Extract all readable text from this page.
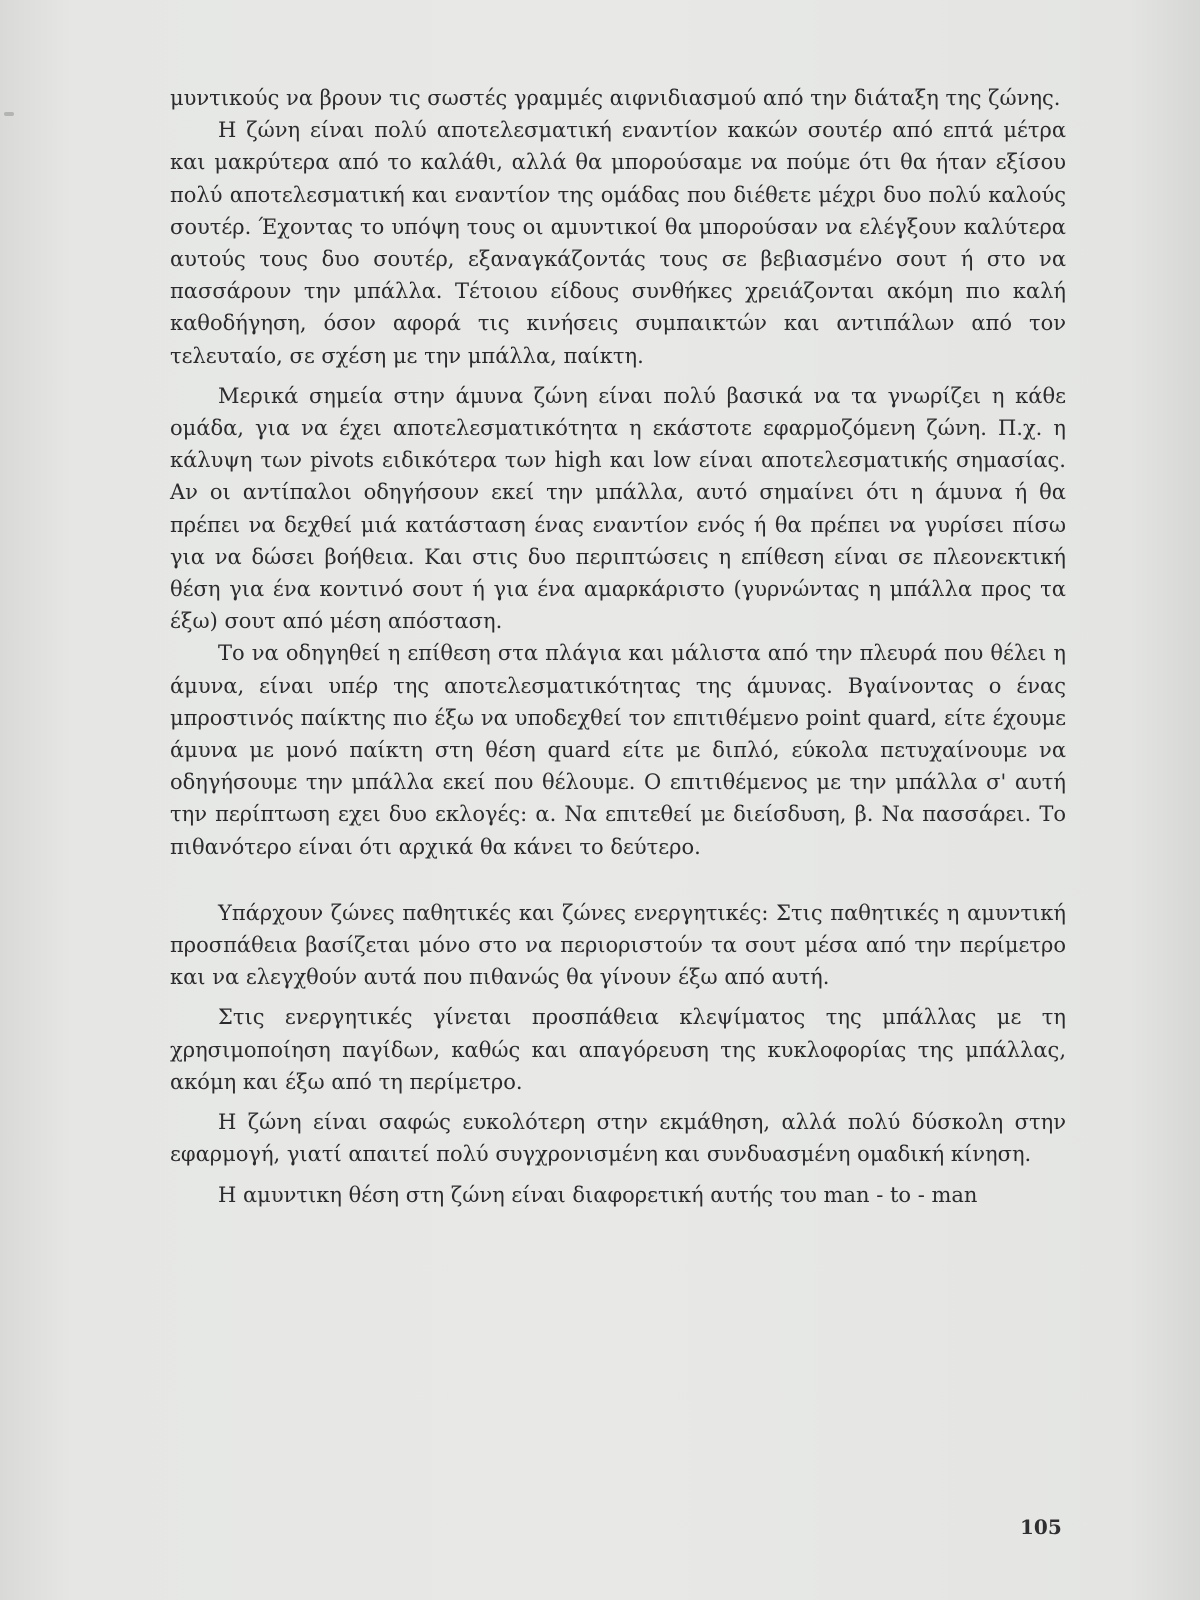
μυντικούς να βρουν τις σωστές γραμμές αιφνιδιασμού από την διάταξη της ζώνης.

Η ζώνη είναι πολύ αποτελεσματική εναντίον κακών σουτέρ από επτά μέτρα και μακρύτερα από το καλάθι, αλλά θα μπορούσαμε να πούμε ότι θα ήταν εξίσου πολύ αποτελεσματική και εναντίον της ομάδας που διέθετε μέχρι δυο πολύ καλούς σουτέρ. Έχοντας το υπόψη τους οι αμυντικοί θα μπορούσαν να ελέγξουν καλύτερα αυτούς τους δυο σουτέρ, εξαναγκάζοντάς τους σε βεβιασμένο σουτ ή στο να πασσάρουν την μπάλλα. Τέτοιου είδους συνθήκες χρειάζονται ακόμη πιο καλή καθοδήγηση, όσον αφορά τις κινήσεις συμπαικτών και αντιπάλων από τον τελευταίο, σε σχέση με την μπάλλα, παίκτη.

Μερικά σημεία στην άμυνα ζώνη είναι πολύ βασικά να τα γνωρίζει η κάθε ομάδα, για να έχει αποτελεσματικότητα η εκάστοτε εφαρμοζόμενη ζώνη. Π.χ. η κάλυψη των pivots ειδικότερα των high και low είναι αποτελεσματικής σημασίας. Αν οι αντίπαλοι οδηγήσουν εκεί την μπάλλα, αυτό σημαίνει ότι η άμυνα ή θα πρέπει να δεχθεί μιά κατάσταση ένας εναντίον ενός ή θα πρέπει να γυρίσει πίσω για να δώσει βοήθεια. Και στις δυο περιπτώσεις η επίθεση είναι σε πλεονεκτική θέση για ένα κοντινό σουτ ή για ένα αμαρκάριστο (γυρνώντας η μπάλλα προς τα έξω) σουτ από μέση απόσταση.

Το να οδηγηθεί η επίθεση στα πλάγια και μάλιστα από την πλευρά που θέλει η άμυνα, είναι υπέρ της αποτελεσματικότητας της άμυνας. Βγαίνοντας ο ένας μπροστινός παίκτης πιο έξω να υποδεχθεί τον επιτιθέμενο point quard, είτε έχουμε άμυνα με μονό παίκτη στη θέση quard είτε με διπλό, εύκολα πετυχαίνουμε να οδηγήσουμε την μπάλλα εκεί που θέλουμε. Ο επιτιθέμενος με την μπάλλα σ' αυτή την περίπτωση εχει δυο εκλογές: α. Να επιτεθεί με διείσδυση, β. Να πασσάρει. Το πιθανότερο είναι ότι αρχικά θα κάνει το δεύτερο.

Υπάρχουν ζώνες παθητικές και ζώνες ενεργητικές: Στις παθητικές η αμυντική προσπάθεια βασίζεται μόνο στο να περιοριστούν τα σουτ μέσα από την περίμετρο και να ελεγχθούν αυτά που πιθανώς θα γίνουν έξω από αυτή.

Στις ενεργητικές γίνεται προσπάθεια κλεψίματος της μπάλλας με τη χρησιμοποίηση παγίδων, καθώς και απαγόρευση της κυκλοφορίας της μπάλλας, ακόμη και έξω από τη περίμετρο.

Η ζώνη είναι σαφώς ευκολότερη στην εκμάθηση, αλλά πολύ δύσκολη στην εφαρμογή, γιατί απαιτεί πολύ συγχρονισμένη και συνδυασμένη ομαδική κίνηση.

Η αμυντικη θέση στη ζώνη είναι διαφορετική αυτής του man - to - man

105
